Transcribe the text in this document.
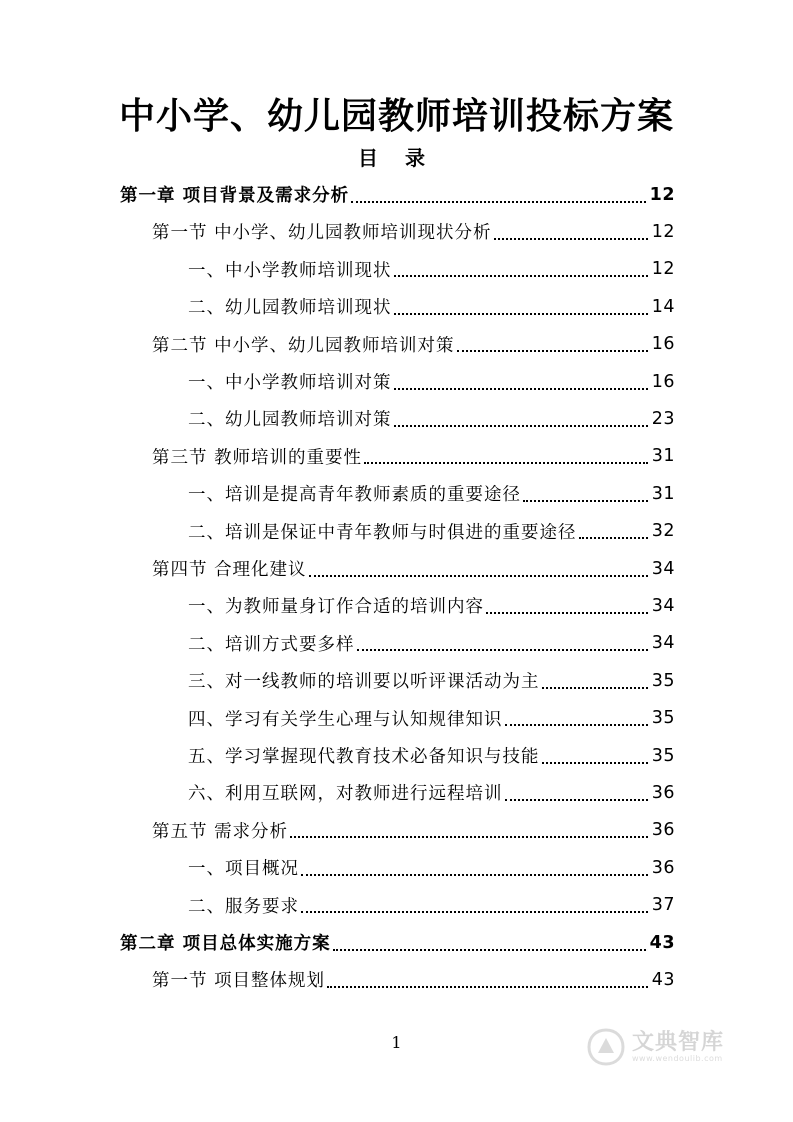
中小学、幼儿园教师培训投标方案
目 录
第一章 项目背景及需求分析	12
第一节 中小学、幼儿园教师培训现状分析	12
一、中小学教师培训现状	12
二、幼儿园教师培训现状	14
第二节 中小学、幼儿园教师培训对策	16
一、中小学教师培训对策	16
二、幼儿园教师培训对策	23
第三节 教师培训的重要性	31
一、培训是提高青年教师素质的重要途径	31
二、培训是保证中青年教师与时俱进的重要途径	32
第四节 合理化建议	34
一、为教师量身订作合适的培训内容	34
二、培训方式要多样	34
三、对一线教师的培训要以听评课活动为主	35
四、学习有关学生心理与认知规律知识	35
五、学习掌握现代教育技术必备知识与技能	35
六、利用互联网，对教师进行远程培训	36
第五节 需求分析	36
一、项目概况	36
二、服务要求	37
第二章 项目总体实施方案	43
第一节 项目整体规划	43
1	文典智库
www.wendoulib.com
